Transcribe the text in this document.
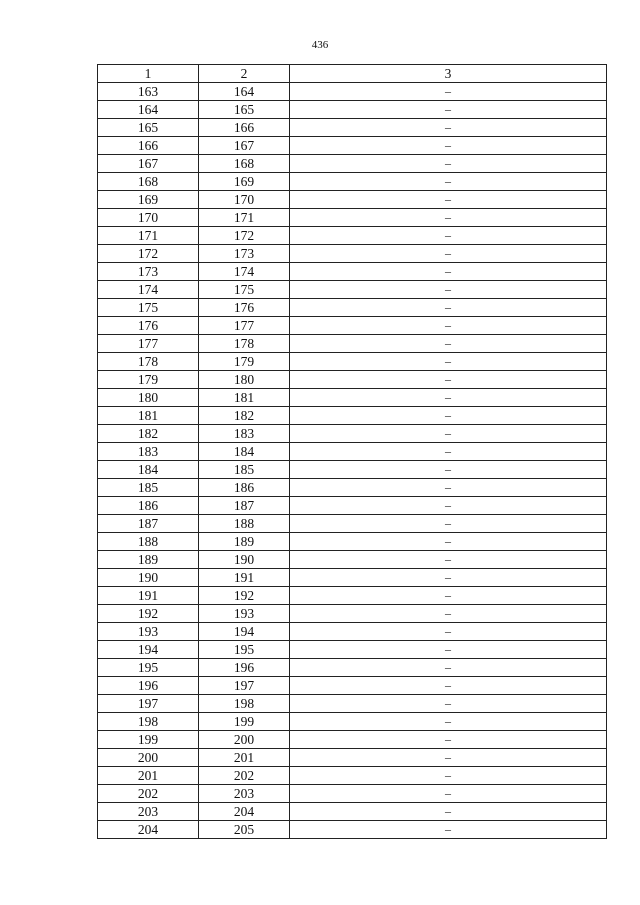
436
1	2	3
163	164	–
164	165	–
165	166	–
166	167	–
167	168	–
168	169	–
169	170	–
170	171	–
171	172	–
172	173	–
173	174	–
174	175	–
175	176	–
176	177	–
177	178	–
178	179	–
179	180	–
180	181	–
181	182	–
182	183	–
183	184	–
184	185	–
185	186	–
186	187	–
187	188	–
188	189	–
189	190	–
190	191	–
191	192	–
192	193	–
193	194	–
194	195	–
195	196	–
196	197	–
197	198	–
198	199	–
199	200	–
200	201	–
201	202	–
202	203	–
203	204	–
204	205	–
